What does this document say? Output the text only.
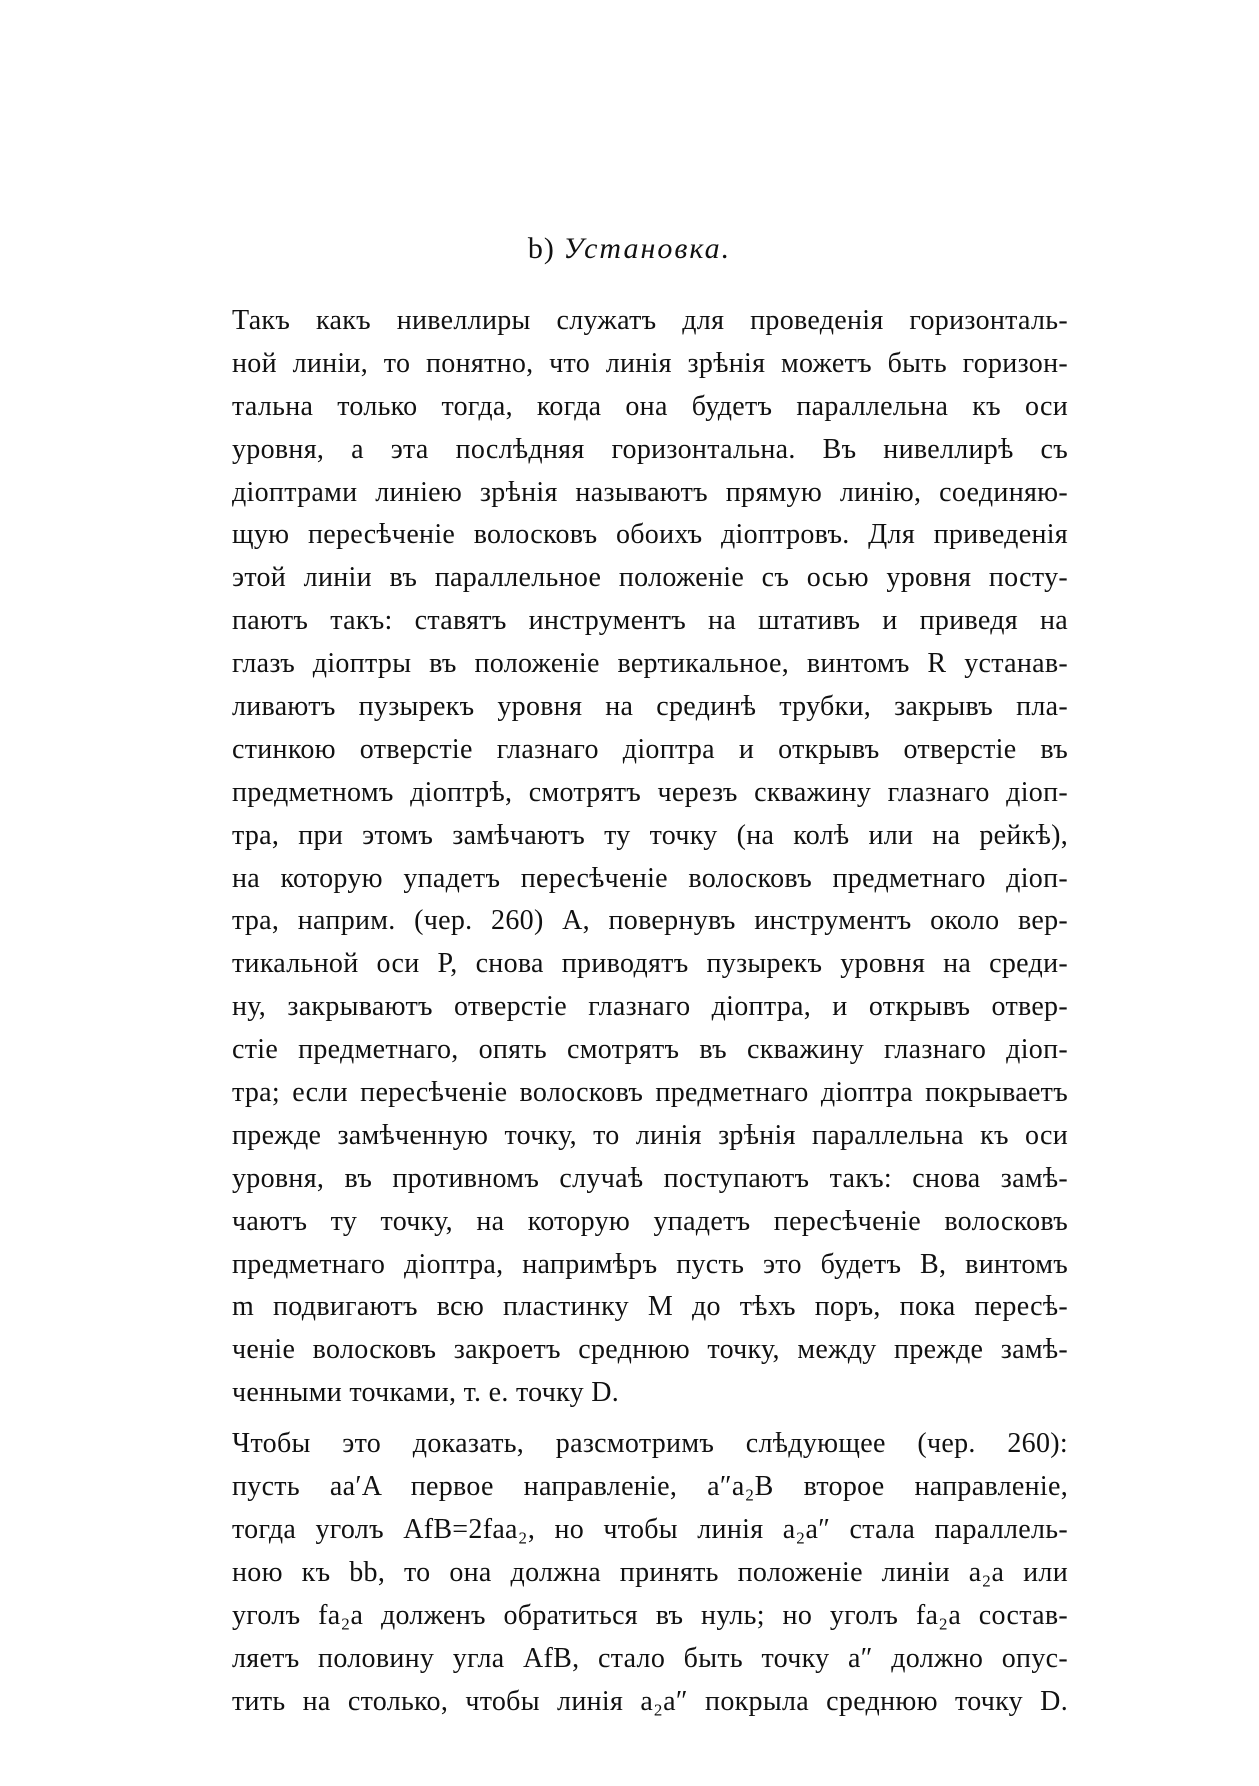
b) Установка.
Такъ какъ нивеллиры служатъ для проведенія горизонталь-
ной линіи, то понятно, что линія зрѣнія можетъ быть горизон-
тальна только тогда, когда она будетъ параллельна къ оси
уровня, а эта послѣдняя горизонтальна. Въ нивеллирѣ съ
діоптрами линіею зрѣнія называютъ прямую линію, соединяю-
щую пересѣченіе волосковъ обоихъ діоптровъ. Для приведенія
этой линіи въ параллельное положеніе съ осью уровня посту-
паютъ такъ: ставятъ инструментъ на штативъ и приведя на
глазъ діоптры въ положеніе вертикальное, винтомъ R устанав-
ливаютъ пузырекъ уровня на срединѣ трубки, закрывъ пла-
стинкою отверстіе глазнаго діоптра и открывъ отверстіе въ
предметномъ діоптрѣ, смотрятъ черезъ скважину глазнаго діоп-
тра, при этомъ замѣчаютъ ту точку (на колѣ или на рейкѣ),
на которую упадетъ пересѣченіе волосковъ предметнаго діоп-
тра, наприм. (чер. 260) A, повернувъ инструментъ около вер-
тикальной оси P, снова приводятъ пузырекъ уровня на среди-
ну, закрываютъ отверстіе глазнаго діоптра, и открывъ отвер-
стіе предметнаго, опять смотрятъ въ скважину глазнаго діоп-
тра; если пересѣченіе волосковъ предметнаго діоптра покрываетъ
прежде замѣченную точку, то линія зрѣнія параллельна къ оси
уровня, въ противномъ случаѣ поступаютъ такъ: снова замѣ-
чаютъ ту точку, на которую упадетъ пересѣченіе волосковъ
предметнаго діоптра, напримѣръ пусть это будетъ B, винтомъ
m подвигаютъ всю пластинку M до тѣхъ поръ, пока пересѣ-
ченіе волосковъ закроетъ среднюю точку, между прежде замѣ-
ченными точками, т. е. точку D.
Чтобы это доказать, разсмотримъ слѣдующее (чер. 260):
пусть aa′A первое направленіе, a″a₂B второе направленіе,
тогда уголъ AfB=2faa₂, но чтобы линія a₂a″ стала параллель-
ною къ bb, то она должна принять положеніе линіи a₂a или
уголъ fa₂a долженъ обратиться въ нуль; но уголъ fa₂a состав-
ляетъ половину угла AfB, стало быть точку a″ должно опус-
тить на столько, чтобы линія a₂a″ покрыла среднюю точку D.
